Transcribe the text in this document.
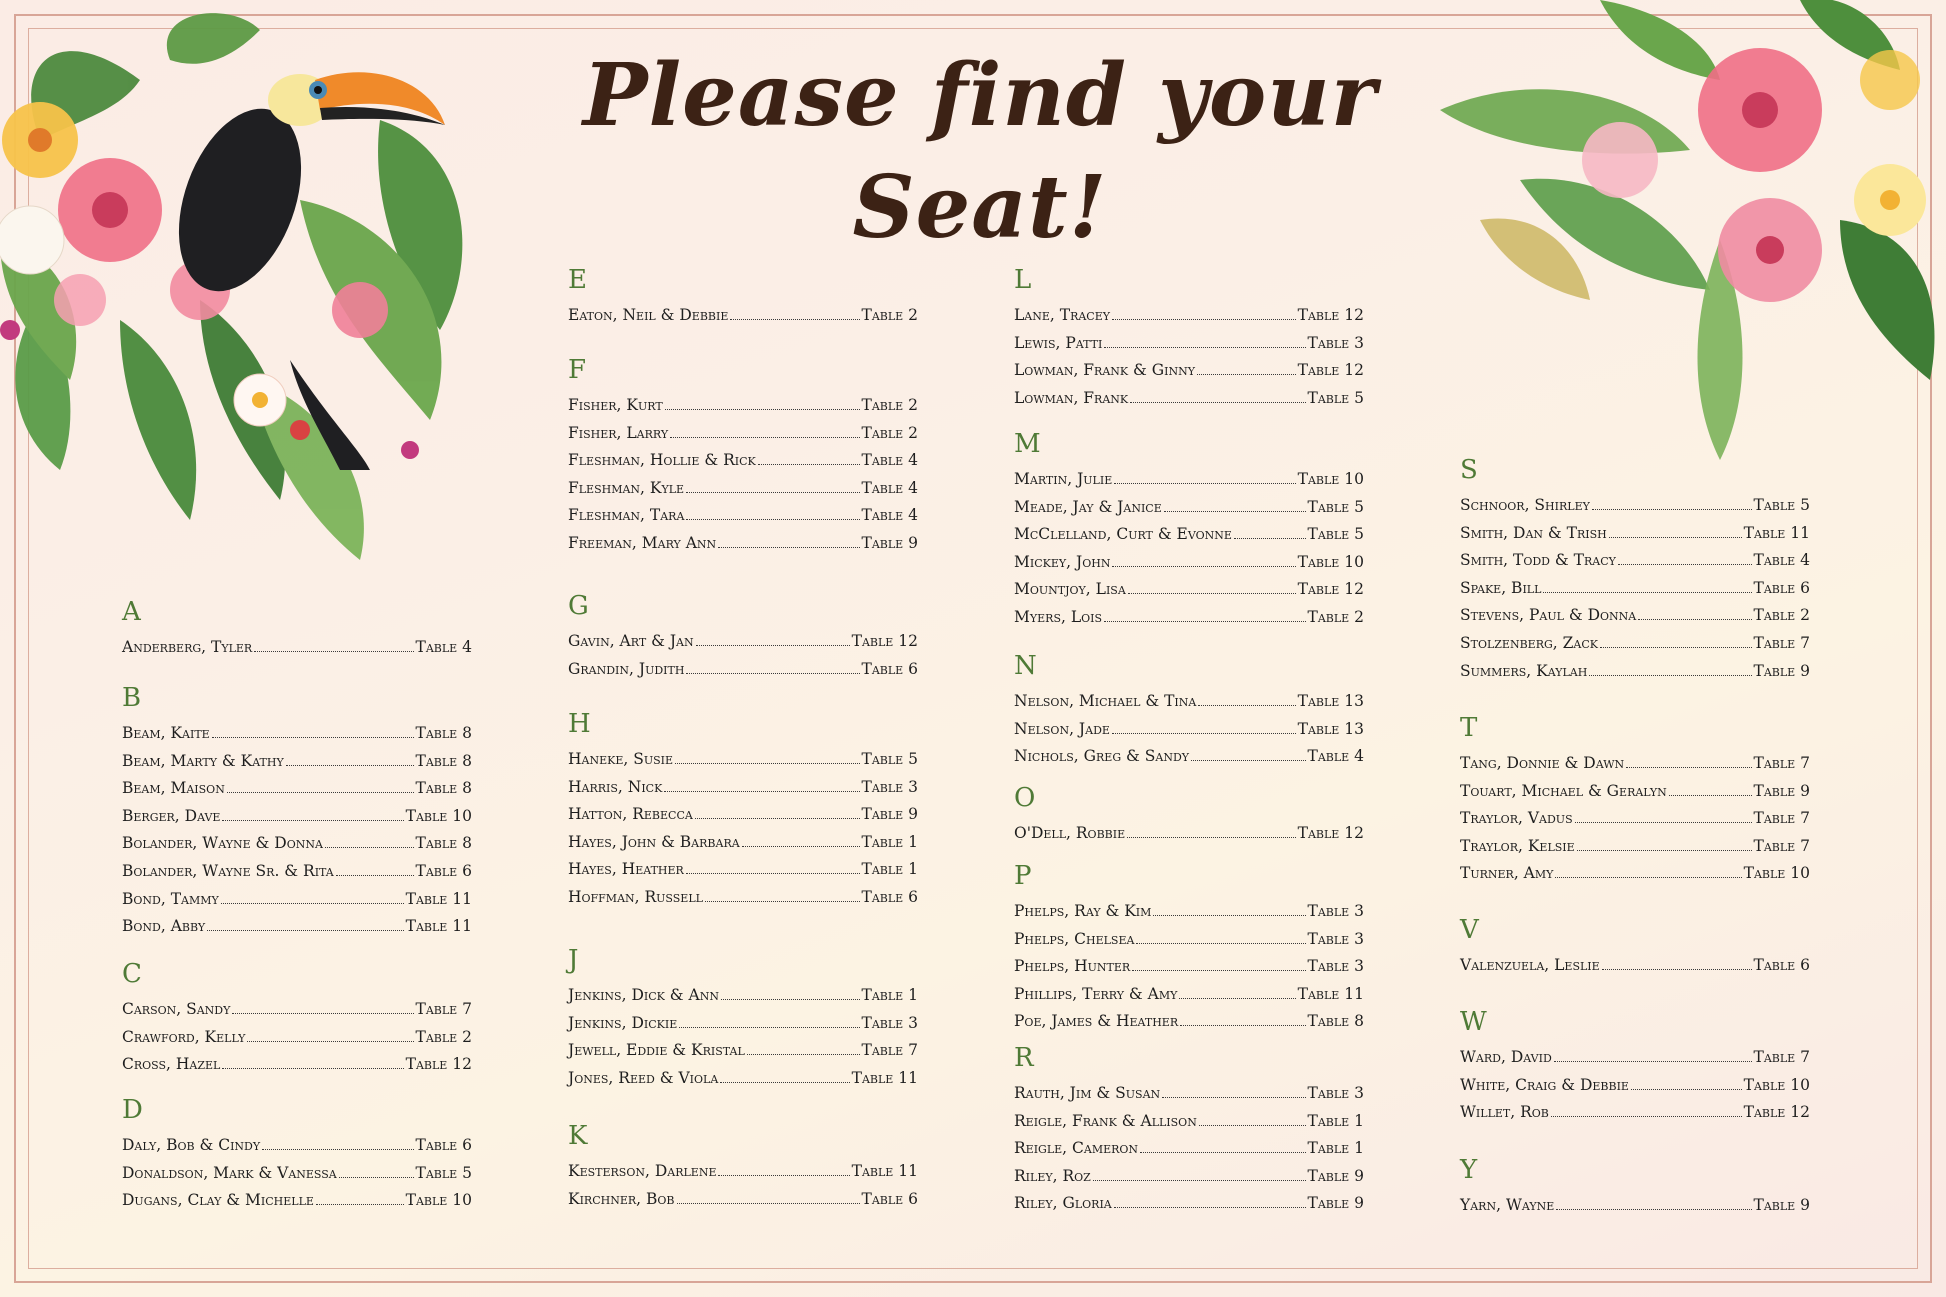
Please find your Seat!
A
Anderberg, Tyler	Table 4
B
Beam, Kaite	Table 8
Beam, Marty & Kathy	Table 8
Beam, Maison	Table 8
Berger, Dave	Table 10
Bolander, Wayne & Donna	Table 8
Bolander, Wayne Sr. & Rita	Table 6
Bond, Tammy	Table 11
Bond, Abby	Table 11
C
Carson, Sandy	Table 7
Crawford, Kelly	Table 2
Cross, Hazel	Table 12
D
Daly, Bob & Cindy	Table 6
Donaldson, Mark & Vanessa	Table 5
Dugans, Clay & Michelle	Table 10
E
Eaton, Neil & Debbie	Table 2
F
Fisher, Kurt	Table 2
Fisher, Larry	Table 2
Fleshman, Hollie & Rick	Table 4
Fleshman, Kyle	Table 4
Fleshman, Tara	Table 4
Freeman, Mary Ann	Table 9
G
Gavin, Art & Jan	Table 12
Grandin, Judith	Table 6
H
Haneke, Susie	Table 5
Harris, Nick	Table 3
Hatton, Rebecca	Table 9
Hayes, John & Barbara	Table 1
Hayes, Heather	Table 1
Hoffman, Russell	Table 6
J
Jenkins, Dick & Ann	Table 1
Jenkins, Dickie	Table 3
Jewell, Eddie & Kristal	Table 7
Jones, Reed & Viola	Table 11
K
Kesterson, Darlene	Table 11
Kirchner, Bob	Table 6
L
Lane, Tracey	Table 12
Lewis, Patti	Table 3
Lowman, Frank & Ginny	Table 12
Lowman, Frank	Table 5
M
Martin, Julie	Table 10
Meade, Jay & Janice	Table 5
McClelland, Curt & Evonne	Table 5
Mickey, John	Table 10
Mountjoy, Lisa	Table 12
Myers, Lois	Table 2
N
Nelson, Michael & Tina	Table 13
Nelson, Jade	Table 13
Nichols, Greg & Sandy	Table 4
O
O'Dell, Robbie	Table 12
P
Phelps, Ray & Kim	Table 3
Phelps, Chelsea	Table 3
Phelps, Hunter	Table 3
Phillips, Terry & Amy	Table 11
Poe, James & Heather	Table 8
R
Rauth, Jim & Susan	Table 3
Reigle, Frank & Allison	Table 1
Reigle, Cameron	Table 1
Riley, Roz	Table 9
Riley, Gloria	Table 9
S
Schnoor, Shirley	Table 5
Smith, Dan & Trish	Table 11
Smith, Todd & Tracy	Table 4
Spake, Bill	Table 6
Stevens, Paul & Donna	Table 2
Stolzenberg, Zack	Table 7
Summers, Kaylah	Table 9
T
Tang, Donnie & Dawn	Table 7
Touart, Michael & Geralyn	Table 9
Traylor, Vadus	Table 7
Traylor, Kelsie	Table 7
Turner, Amy	Table 10
V
Valenzuela, Leslie	Table 6
W
Ward, David	Table 7
White, Craig & Debbie	Table 10
Willet, Rob	Table 12
Y
Yarn, Wayne	Table 9
